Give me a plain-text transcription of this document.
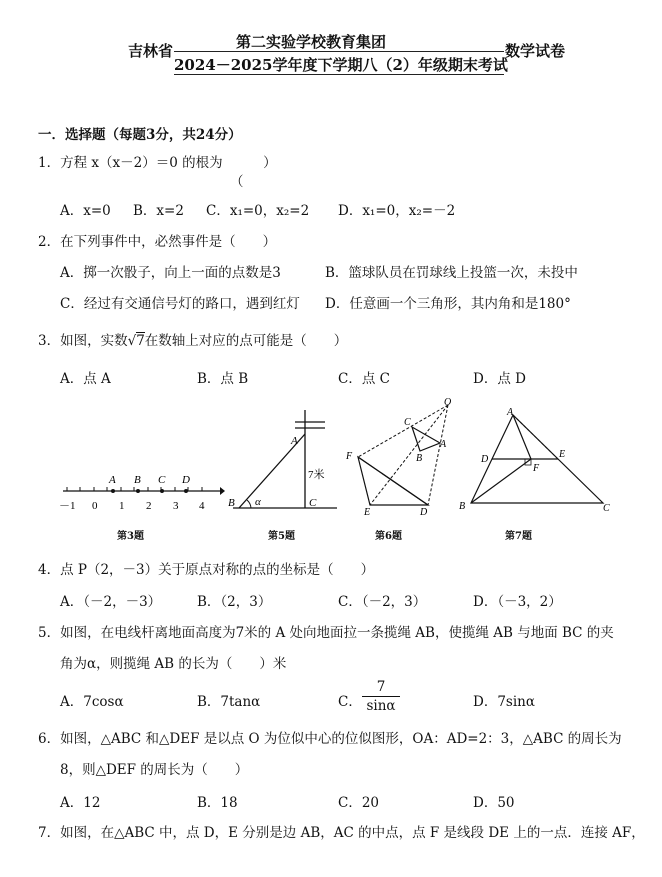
吉林省	第二实验学校教育集团
2024－2025学年度下学期八（2）年级期末考试
数学试卷
一．选择题（每题3分，共24分）
1．方程 x（x－2）＝0 的根为　　　）
（
A．x=0 B．x=2 C．x₁=0，x₂=2 D．x₁=0，x₂=－2
2．在下列事件中，必然事件是（　　）
A．掷一次骰子，向上一面的点数是3	B．篮球队员在罚球线上投篮一次，未投中
C．经过有交通信号灯的路口，遇到红灯 D．任意画一个三角形，其内角和是180°
3．如图，实数√7在数轴上对应的点可能是（　　）
A．点 A	B．点 B	C．点 C	D．点 D
A B C D
－1 0 1 2 3 4
第3题
A
7米
B α	C
第5题
O
C
A
B
F
E	D
第6题
A
D	E
F
B	C
第7题
4．点 P（2，－3）关于原点对称的点的坐标是（　　）
A．（－2，－3）	B．（2，3）	C．（－2，3）	D．（－3，2）
5．如图，在电线杆离地面高度为7米的 A 处向地面拉一条揽绳 AB，使揽绳 AB 与地面 BC 的夹
角为α，则揽绳 AB 的长为（　　）米
A．7cosα	B．7tanα	C． $\frac{7}{\sin\alpha}$	D．7sinα
6．如图，△ABC 和△DEF 是以点 O 为位似中心的位似图形，OA：AD=2：3，△ABC 的周长为
8，则△DEF 的周长为（　　）
A．12	B．18	C．20	D．50
7．如图，在△ABC 中，点 D，E 分别是边 AB，AC 的中点，点 F 是线段 DE 上的一点．连接 AF，
